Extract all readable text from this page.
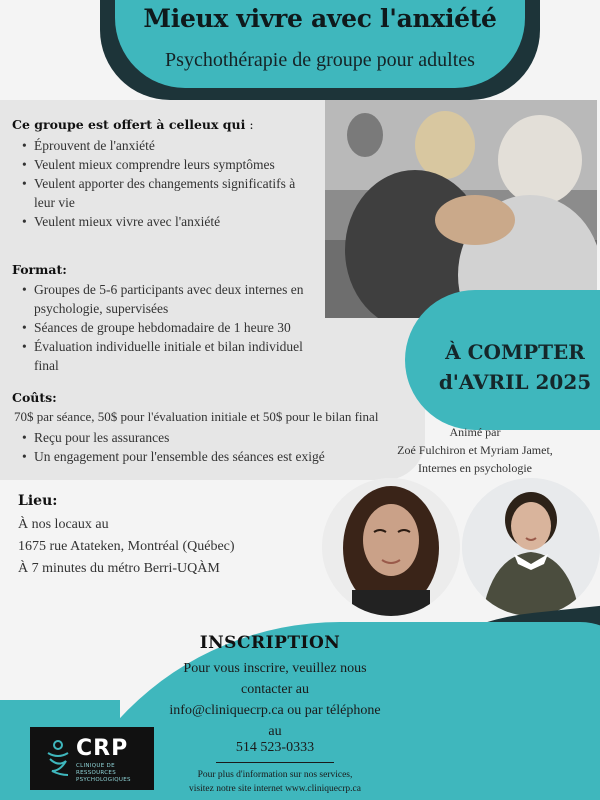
Mieux vivre avec l'anxiété
Psychothérapie de groupe pour adultes
Ce groupe est offert à celleux qui :
• Éprouvent de l'anxiété
• Veulent mieux comprendre leurs symptômes
• Veulent apporter des changements significatifs à
leur vie
• Veulent mieux vivre avec l'anxiété
Format:
• Groupes de 5-6 participants avec deux internes en
psychologie, supervisées
• Séances de groupe hebdomadaire de 1 heure 30
• Évaluation individuelle initiale et bilan individuel
final
Coûts:
70$ par séance, 50$ pour l'évaluation initiale et 50$ pour le bilan final
• Reçu pour les assurances
• Un engagement pour l'ensemble des séances est exigé
À COMPTER
d'AVRIL 2025
Animé par
Zoé Fulchiron et Myriam Jamet,
Internes en psychologie
Lieu:
À nos locaux au
1675 rue Atateken, Montréal (Québec)
À 7 minutes du métro Berri-UQÀM
INSCRIPTION
Pour vous inscrire, veuillez nous
contacter au
info@cliniquecrp.ca ou par téléphone
au
514 523-0333
Pour plus d'information sur nos services,
visitez notre site internet www.cliniquecrp.ca
CRP
CLINIQUE DE
RESSOURCES
PSYCHOLOGIQUES
